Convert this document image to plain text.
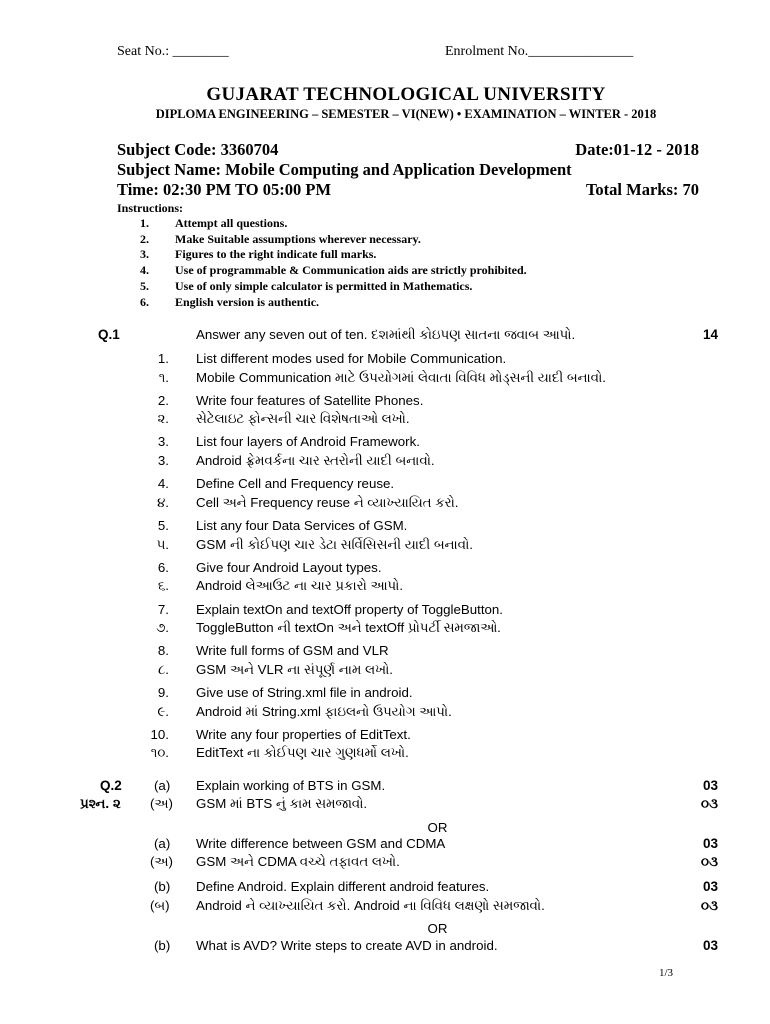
Seat No.: ________	Enrolment No._______________
GUJARAT TECHNOLOGICAL UNIVERSITY
DIPLOMA ENGINEERING – SEMESTER – VI(NEW) • EXAMINATION – WINTER - 2018
Subject Code: 3360704	Date:01-12 - 2018
Subject Name: Mobile Computing and Application Development
Time: 02:30 PM TO 05:00 PM	Total Marks: 70
Instructions:
1. Attempt all questions.
2. Make Suitable assumptions wherever necessary.
3. Figures to the right indicate full marks.
4. Use of programmable & Communication aids are strictly prohibited.
5. Use of only simple calculator is permitted in Mathematics.
6. English version is authentic.
Q.1	Answer any seven out of ten. દશમાંથી કોઇપણ સાતના જવાબ આપો.	14
1. List different modes used for Mobile Communication.
૧. Mobile Communication માટે ઉપયોગમાં લેવાતા વિવિધ મોડ્સની યાદી બનાવો.
2. Write four features of Satellite Phones.
૨. સેટેલાઇટ ફોન્સની ચાર વિશેષતાઓ લખો.
3. List four layers of Android Framework.
3. Android ફ્રેમવર્કના ચાર સ્તરોની યાદી બનાવો.
4. Define Cell and Frequency reuse.
૪. Cell અને Frequency reuse ને વ્યાખ્યાયિત કરો.
5. List any four Data Services of GSM.
૫. GSM ની કોઈપણ ચાર ડેટા સર્વિસિસની યાદી બનાવો.
6. Give four Android Layout types.
૬. Android લેઆઉટ ના ચાર પ્રકારો આપો.
7. Explain textOn and textOff property of ToggleButton.
૭. ToggleButton ની textOn અને textOff પ્રોપર્ટી સમજાઓ.
8. Write full forms of GSM and VLR
૮. GSM અને VLR ના સંપૂર્ણ નામ લખો.
9. Give use of String.xml file in android.
૯. Android માં String.xml ફાઇલનો ઉપયોગ આપો.
10. Write any four properties of EditText.
૧૦. EditText ના કોઈપણ ચાર ગુણધર્મો લખો.
Q.2
પ્રશ્ન. ૨
(a) Explain working of BTS in GSM.	03
(અ) GSM માં BTS નું કામ સમજાવો.	૦૩
OR
(a) Write difference between GSM and CDMA	03
(અ) GSM અને CDMA વચ્ચે તફાવત લખો.	૦૩
(b) Define Android. Explain different android features.	03
(બ) Android ને વ્યાખ્યાયિત કરો. Android ના વિવિધ લક્ષણો સમજાવો.	૦૩
OR
(b) What is AVD? Write steps to create AVD in android.	03
1/3
